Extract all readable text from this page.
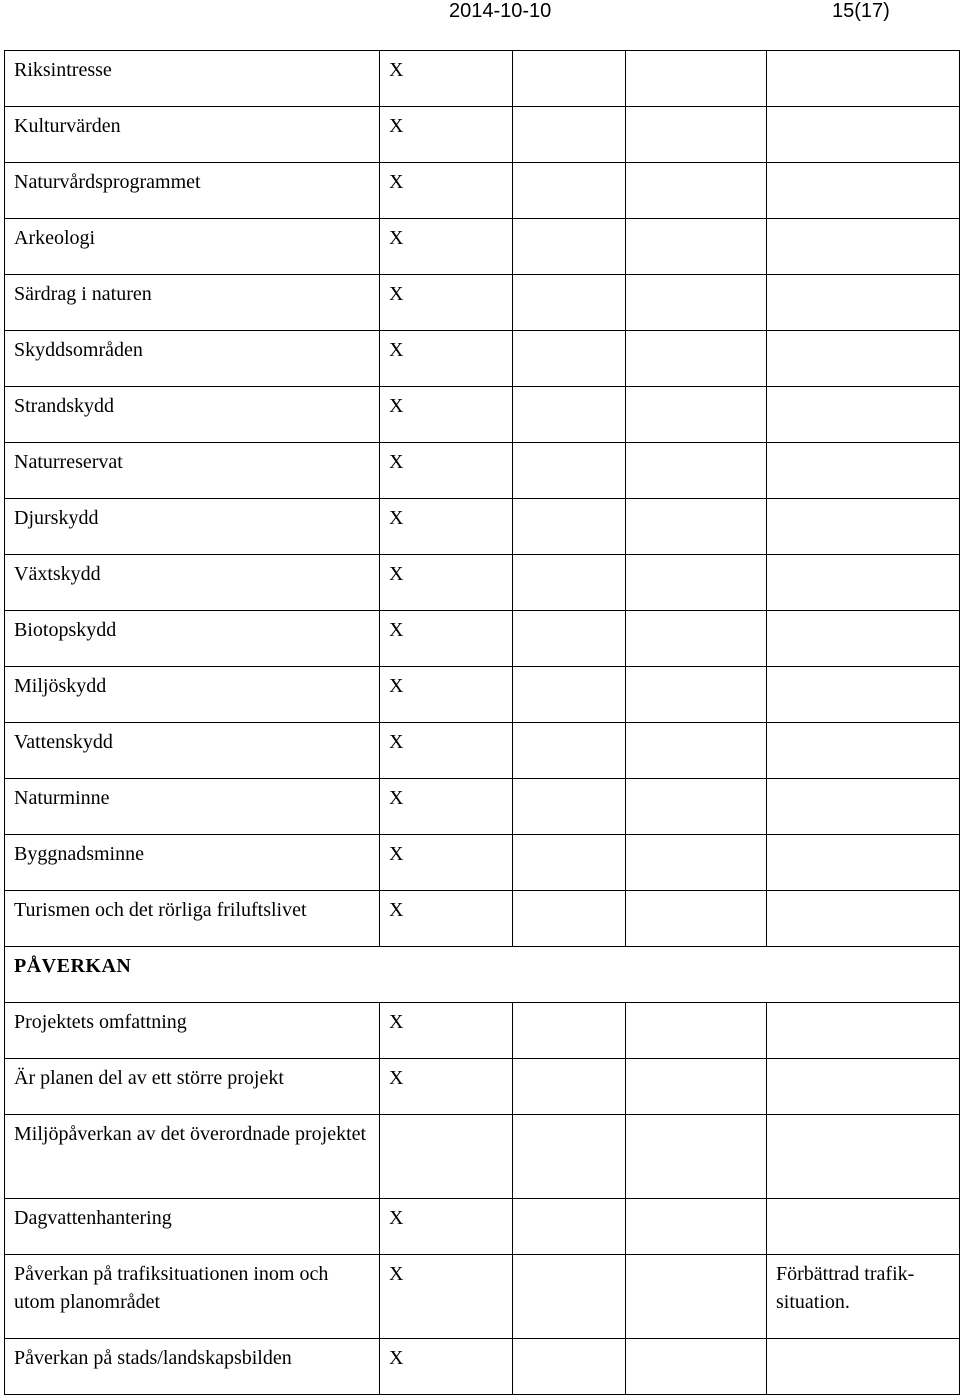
2014-10-10	15(17)
Riksintresse	X			
Kulturvärden	X			
Naturvårdsprogrammet	X			
Arkeologi	X			
Särdrag i naturen	X			
Skyddsområden	X			
Strandskydd	X			
Naturreservat	X			
Djurskydd	X			
Växtskydd	X			
Biotopskydd	X			
Miljöskydd	X			
Vattenskydd	X			
Naturminne	X			
Byggnadsminne	X			
Turismen och det rörliga friluftslivet	X			
PÅVERKAN				
Projektets omfattning	X			
Är planen del av ett större projekt	X			
Miljöpåverkan av det överordnade projektet				
Dagvattenhantering	X			
Påverkan på trafiksituationen inom och utom planområdet	X			Förbättrad trafik-situation.
Påverkan på stads/landskapsbilden	X			
